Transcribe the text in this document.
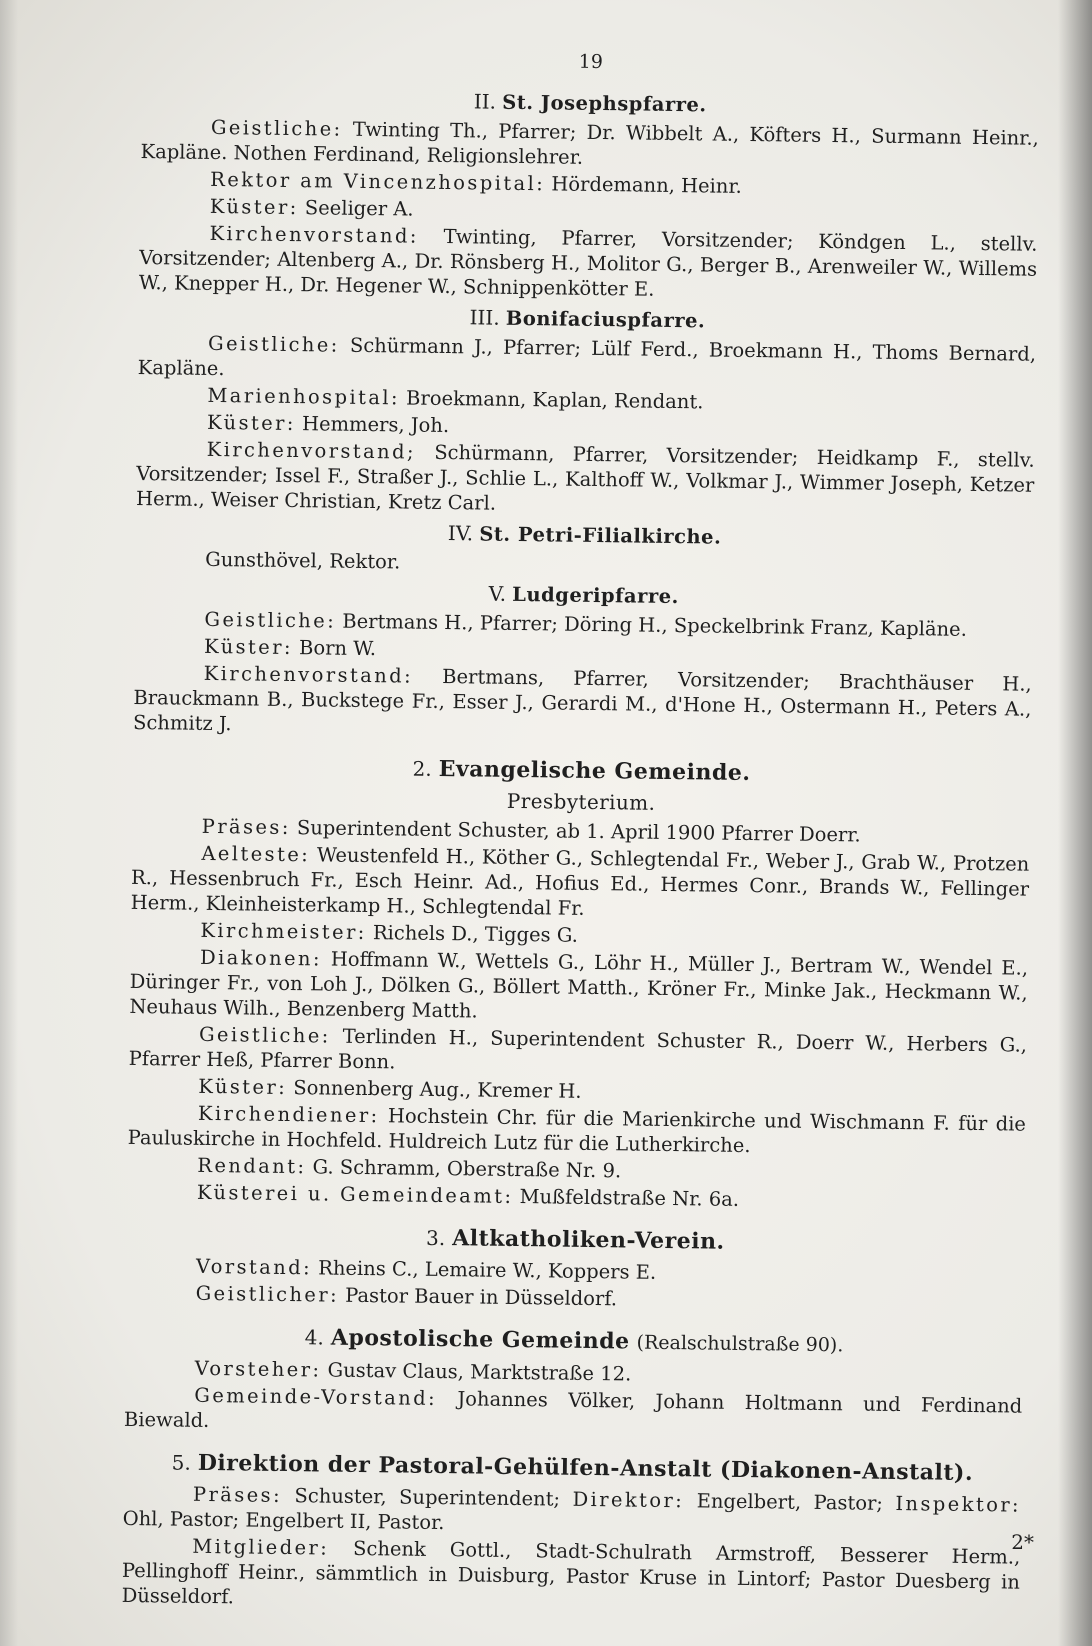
19
II. St. Josephspfarre.

Geistliche: Twinting Th., Pfarrer; Dr. Wibbelt A., Köfters H., Surmann Heinr., Kapläne. Nothen Ferdinand, Religionslehrer.

Rektor am Vincenzhospital: Hördemann, Heinr.

Küster: Seeliger A.

Kirchenvorstand: Twinting, Pfarrer, Vorsitzender; Köndgen L., stellv. Vorsitzender; Altenberg A., Dr. Rönsberg H., Molitor G., Berger B., Arenweiler W., Willems W., Knepper H., Dr. Hegener W., Schnippenkötter E.

III. Bonifaciuspfarre.

Geistliche: Schürmann J., Pfarrer; Lülf Ferd., Broekmann H., Thoms Bernard, Kapläne.

Marienhospital: Broekmann, Kaplan, Rendant.

Küster: Hemmers, Joh.

Kirchenvorstand; Schürmann, Pfarrer, Vorsitzender; Heidkamp F., stellv. Vorsitzender; Issel F., Straßer J., Schlie L., Kalthoff W., Volkmar J., Wimmer Joseph, Ketzer Herm., Weiser Christian, Kretz Carl.

IV. St. Petri-Filialkirche.

Gunsthövel, Rektor.

V. Ludgeripfarre.

Geistliche: Bertmans H., Pfarrer; Döring H., Speckelbrink Franz, Kapläne.

Küster: Born W.

Kirchenvorstand: Bertmans, Pfarrer, Vorsitzender; Brachthäuser H., Brauckmann B., Buckstege Fr., Esser J., Gerardi M., d'Hone H., Ostermann H., Peters A., Schmitz J.

2. Evangelische Gemeinde.
Presbyterium.

Präses: Superintendent Schuster, ab 1. April 1900 Pfarrer Doerr.

Aelteste: Weustenfeld H., Köther G., Schlegtendal Fr., Weber J., Grab W., Protzen R., Hessenbruch Fr., Esch Heinr. Ad., Hofius Ed., Hermes Conr., Brands W., Fellinger Herm., Kleinheisterkamp H., Schlegtendal Fr.

Kirchmeister: Richels D., Tigges G.

Diakonen: Hoffmann W., Wettels G., Löhr H., Müller J., Bertram W., Wendel E., Düringer Fr., von Loh J., Dölken G., Böllert Matth., Kröner Fr., Minke Jak., Heckmann W., Neuhaus Wilh., Benzenberg Matth.

Geistliche: Terlinden H., Superintendent Schuster R., Doerr W., Herbers G., Pfarrer Heß, Pfarrer Bonn.

Küster: Sonnenberg Aug., Kremer H.

Kirchendiener: Hochstein Chr. für die Marienkirche und Wischmann F. für die Pauluskirche in Hochfeld. Huldreich Lutz für die Lutherkirche.

Rendant: G. Schramm, Oberstraße Nr. 9.

Küsterei u. Gemeindeamt: Mußfeldstraße Nr. 6a.

3. Altkatholiken-Verein.

Vorstand: Rheins C., Lemaire W., Koppers E.

Geistlicher: Pastor Bauer in Düsseldorf.

4. Apostolische Gemeinde (Realschulstraße 90).

Vorsteher: Gustav Claus, Marktstraße 12.

Gemeinde-Vorstand: Johannes Völker, Johann Holtmann und Ferdinand Biewald.

5. Direktion der Pastoral-Gehülfen-Anstalt (Diakonen-Anstalt).

Präses: Schuster, Superintendent; Direktor: Engelbert, Pastor; Inspektor: Ohl, Pastor; Engelbert II, Pastor.

Mitglieder: Schenk Gottl., Stadt-Schulrath Armstroff, Besserer Herm., Pellinghoff Heinr., sämmtlich in Duisburg, Pastor Kruse in Lintorf; Pastor Duesberg in Düsseldorf.

2*
